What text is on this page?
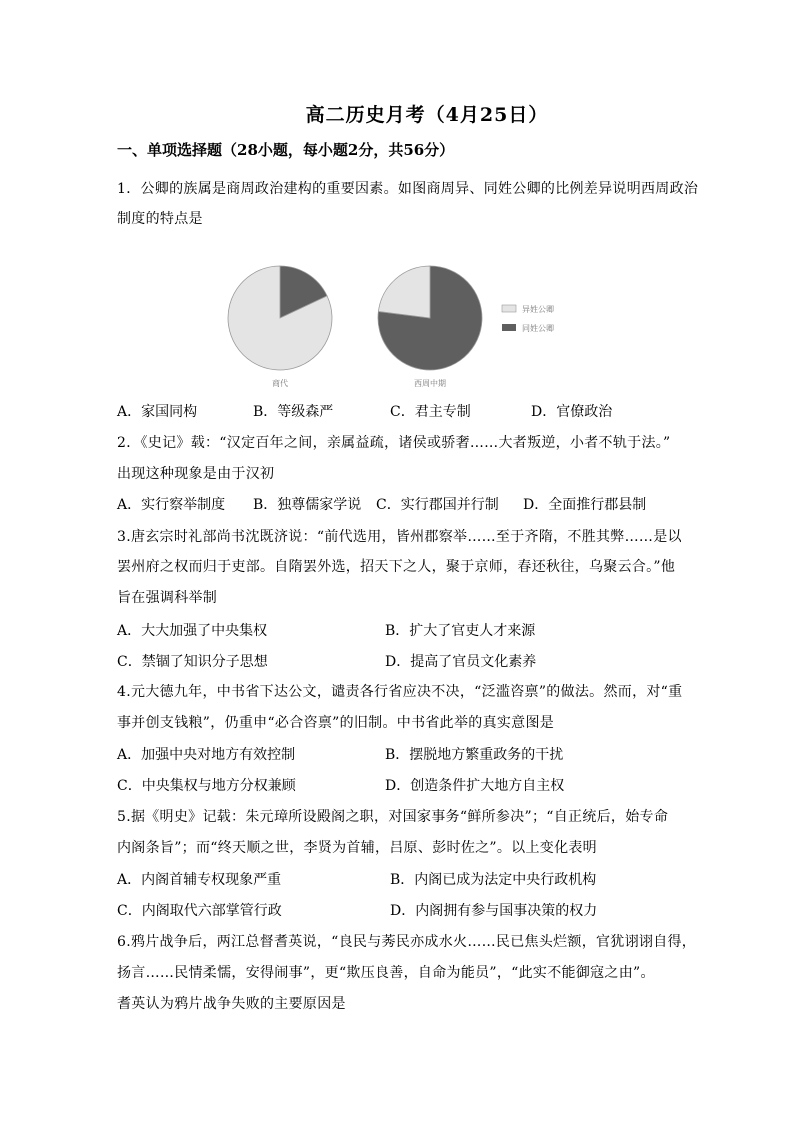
高二历史月考（4月25日）
一、单项选择题（28小题，每小题2分，共56分）
1．公卿的族属是商周政治建构的重要因素。如图商周异、同姓公卿的比例差异说明西周政治
制度的特点是
商代	西周中期
异姓公卿
同姓公卿
A．家国同构	B．等级森严	C．君主专制	D．官僚政治
2．《史记》载：“汉定百年之间，亲属益疏，诸侯或骄奢……大者叛逆，小者不轨于法。”
出现这种现象是由于汉初
A．实行察举制度 B．独尊儒家学说 C．实行郡国并行制 D．全面推行郡县制
3.唐玄宗时礼部尚书沈既济说：“前代选用，皆州郡察举……至于齐隋，不胜其弊……是以
罢州府之权而归于吏部。自隋罢外选，招天下之人，聚于京师，春还秋往，乌聚云合。”他
旨在强调科举制
A．大大加强了中央集权	B．扩大了官吏人才来源
C．禁锢了知识分子思想	D．提高了官员文化素养
4.元大德九年，中书省下达公文，谴责各行省应决不决，“泛滥咨禀”的做法。然而，对“重
事并创支钱粮”，仍重申“必合咨禀”的旧制。中书省此举的真实意图是
A．加强中央对地方有效控制	B．摆脱地方繁重政务的干扰
C．中央集权与地方分权兼顾	D．创造条件扩大地方自主权
5.据《明史》记载：朱元璋所设殿阁之职，对国家事务“鲜所参决”；“自正统后，始专命
内阁条旨”；而“终天顺之世，李贤为首辅，吕原、彭时佐之”。以上变化表明
A．内阁首辅专权现象严重	B．内阁已成为法定中央行政机构
C．内阁取代六部掌管行政	D．内阁拥有参与国事决策的权力
6.鸦片战争后，两江总督耆英说，“良民与莠民亦成水火……民已焦头烂额，官犹诩诩自得，
扬言……民情柔懦，安得闹事”，更“欺压良善，自命为能员”，“此实不能御寇之由”。
耆英认为鸦片战争失败的主要原因是
